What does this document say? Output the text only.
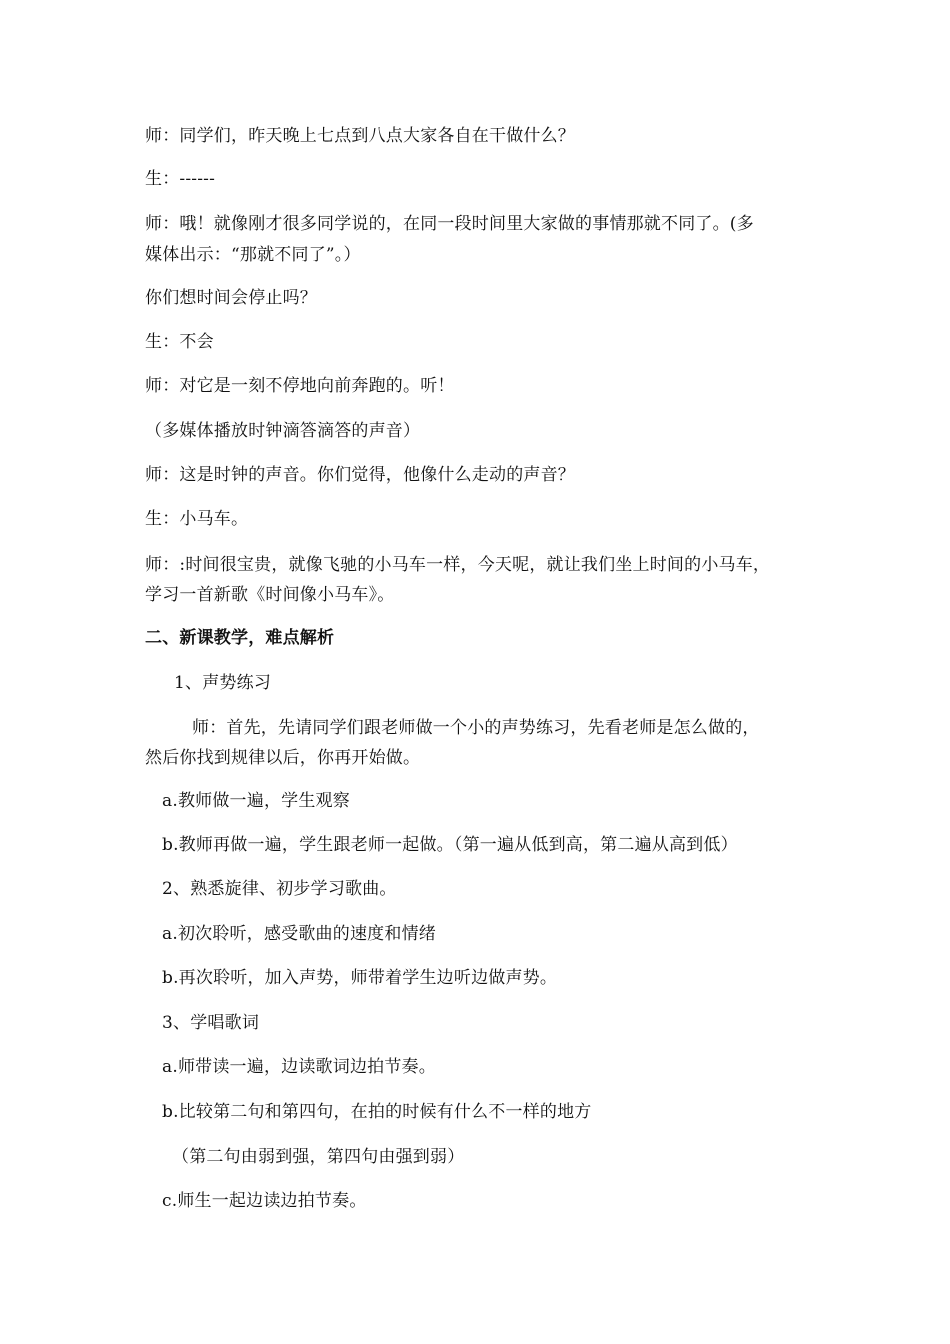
师：同学们，昨天晚上七点到八点大家各自在干做什么？
生：------
师：哦！就像刚才很多同学说的，在同一段时间里大家做的事情那就不同了。(多
媒体出示：“那就不同了”。）
你们想时间会停止吗？
生：不会
师：对它是一刻不停地向前奔跑的。听！
（多媒体播放时钟滴答滴答的声音）
师：这是时钟的声音。你们觉得，他像什么走动的声音？
生：小马车。
师：:时间很宝贵，就像飞驰的小马车一样，今天呢，就让我们坐上时间的小马车，
学习一首新歌《时间像小马车》。
二、新课教学，难点解析
1、声势练习
师：首先，先请同学们跟老师做一个小的声势练习，先看老师是怎么做的，
然后你找到规律以后，你再开始做。
a.教师做一遍，学生观察
b.教师再做一遍，学生跟老师一起做。（第一遍从低到高，第二遍从高到低）
2、熟悉旋律、初步学习歌曲。
a.初次聆听，感受歌曲的速度和情绪
b.再次聆听，加入声势，师带着学生边听边做声势。
3、学唱歌词
a.师带读一遍，边读歌词边拍节奏。
b.比较第二句和第四句，在拍的时候有什么不一样的地方
（第二句由弱到强，第四句由强到弱）
c.师生一起边读边拍节奏。
